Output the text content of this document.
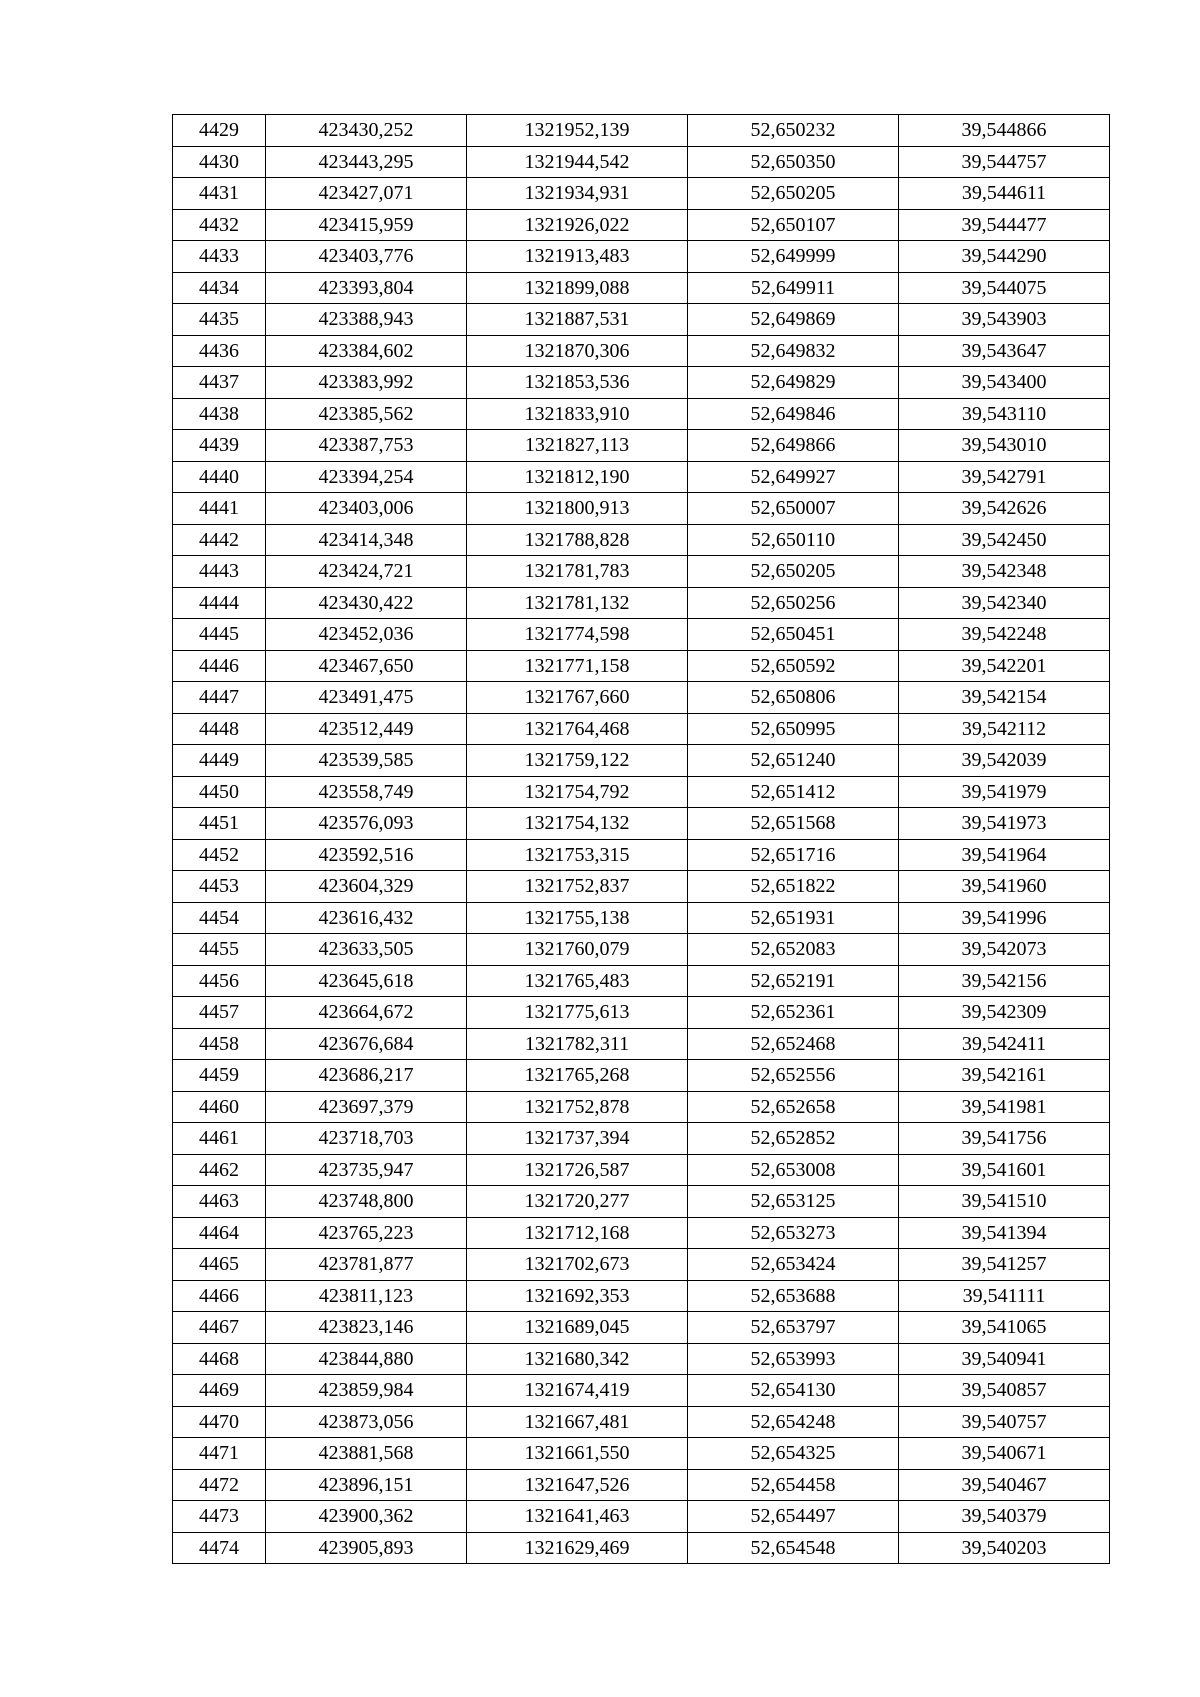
4429	423430,252	1321952,139	52,650232	39,544866
4430	423443,295	1321944,542	52,650350	39,544757
4431	423427,071	1321934,931	52,650205	39,544611
4432	423415,959	1321926,022	52,650107	39,544477
4433	423403,776	1321913,483	52,649999	39,544290
4434	423393,804	1321899,088	52,649911	39,544075
4435	423388,943	1321887,531	52,649869	39,543903
4436	423384,602	1321870,306	52,649832	39,543647
4437	423383,992	1321853,536	52,649829	39,543400
4438	423385,562	1321833,910	52,649846	39,543110
4439	423387,753	1321827,113	52,649866	39,543010
4440	423394,254	1321812,190	52,649927	39,542791
4441	423403,006	1321800,913	52,650007	39,542626
4442	423414,348	1321788,828	52,650110	39,542450
4443	423424,721	1321781,783	52,650205	39,542348
4444	423430,422	1321781,132	52,650256	39,542340
4445	423452,036	1321774,598	52,650451	39,542248
4446	423467,650	1321771,158	52,650592	39,542201
4447	423491,475	1321767,660	52,650806	39,542154
4448	423512,449	1321764,468	52,650995	39,542112
4449	423539,585	1321759,122	52,651240	39,542039
4450	423558,749	1321754,792	52,651412	39,541979
4451	423576,093	1321754,132	52,651568	39,541973
4452	423592,516	1321753,315	52,651716	39,541964
4453	423604,329	1321752,837	52,651822	39,541960
4454	423616,432	1321755,138	52,651931	39,541996
4455	423633,505	1321760,079	52,652083	39,542073
4456	423645,618	1321765,483	52,652191	39,542156
4457	423664,672	1321775,613	52,652361	39,542309
4458	423676,684	1321782,311	52,652468	39,542411
4459	423686,217	1321765,268	52,652556	39,542161
4460	423697,379	1321752,878	52,652658	39,541981
4461	423718,703	1321737,394	52,652852	39,541756
4462	423735,947	1321726,587	52,653008	39,541601
4463	423748,800	1321720,277	52,653125	39,541510
4464	423765,223	1321712,168	52,653273	39,541394
4465	423781,877	1321702,673	52,653424	39,541257
4466	423811,123	1321692,353	52,653688	39,541111
4467	423823,146	1321689,045	52,653797	39,541065
4468	423844,880	1321680,342	52,653993	39,540941
4469	423859,984	1321674,419	52,654130	39,540857
4470	423873,056	1321667,481	52,654248	39,540757
4471	423881,568	1321661,550	52,654325	39,540671
4472	423896,151	1321647,526	52,654458	39,540467
4473	423900,362	1321641,463	52,654497	39,540379
4474	423905,893	1321629,469	52,654548	39,540203
